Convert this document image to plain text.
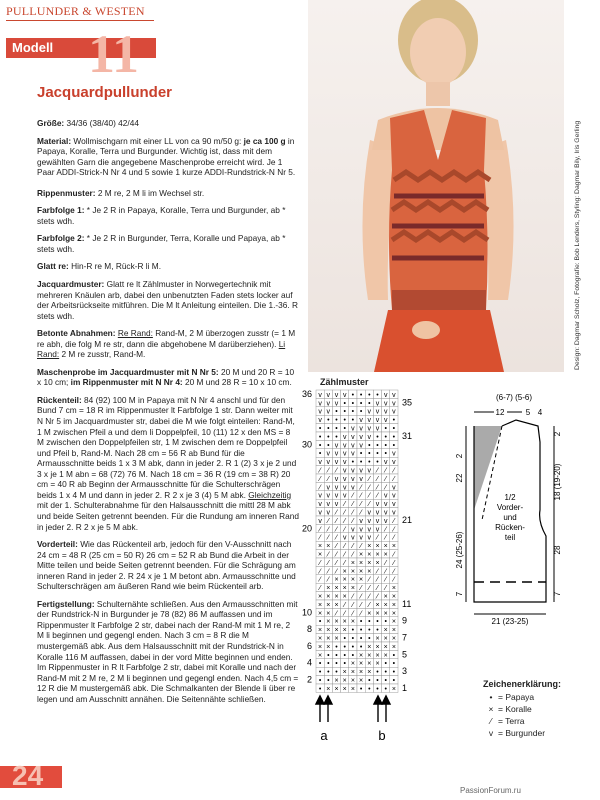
PULLUNDER & WESTEN
Modell 11
Jacquardpullunder

Größe: 34/36 (38/40) 42/44

Material: Wollmischgarn mit einer LL von ca 90 m/50 g: je ca 100 g in Papaya, Koralle, Terra und Burgunder. Wichtig ist, dass mit dem gewählten Garn die angegebene Maschenprobe erreicht wird. Je 1 Paar ADDI-Strick-N Nr 4 und 5 sowie 1 kurze ADDI-Rundstrick-N Nr 5.

Rippenmuster: 2 M re, 2 M li im Wechsel str.

Farbfolge 1: * Je 2 R in Papaya, Koralle, Terra und Burgunder, ab * stets wdh.

Farbfolge 2: * Je 2 R in Burgunder, Terra, Koralle und Papaya, ab * stets wdh.

Glatt re: Hin-R re M, Rück-R li M.

Jacquardmuster: Glatt re lt Zählmuster in Norwegertechnik mit mehreren Knäulen arb, dabei den unbenutzten Faden stets locker auf der Arbeitsrückseite mitführen. Die M lt Anleitung einteilen. Die 1.-36. R stets wdh.

Betonte Abnahmen: Re Rand: Rand-M, 2 M überzogen zusstr (= 1 M re abh, die folg M re str, dann die abgehobene M darüberziehen). Li Rand: 2 M re zusstr, Rand-M.

Maschenprobe im Jacquardmuster mit N Nr 5: 20 M und 20 R = 10 x 10 cm; im Rippenmuster mit N Nr 4: 20 M und 28 R = 10 x 10 cm.

Rückenteil: 84 (92) 100 M in Papaya mit N Nr 4 anschl und für den Bund 7 cm = 18 R im Rippenmuster lt Farbfolge 1 str. Dann weiter mit N Nr 5 im Jacquardmuster str, dabei die M wie folgt einteilen: Rand-M, 1 M zwischen Pfeil a und dem li Doppelpfeil, 10 (11) 12 x den MS = 8 M zwischen den Doppelpfeilen str, 1 M zwischen dem re Doppelpfeil und Pfeil b, Rand-M. Nach 28 cm = 56 R ab Bund für die Armausschnitte beids 1 x 3 M abk, dann in jeder 2. R 1 (2) 3 x je 2 und 3 x je 1 M abn = 68 (72) 76 M. Nach 18 cm = 36 R (19 cm = 38 R) 20 cm = 40 R ab Beginn der Armausschnitte für die Schulterschrägen beids 1 x 4 M und dann in jeder 2. R 2 x je 3 (4) 5 M abk. Gleichzeitig mit der 1. Schulterabnahme für den Halsausschnitt die mittl 28 M abk und beide Seiten getrennt beenden. Für die Rundung am inneren Rand in jeder 2. R 2 x je 5 M abk.

Vorderteil: Wie das Rückenteil arb, jedoch für den V-Ausschnitt nach 24 cm = 48 R (25 cm = 50 R) 26 cm = 52 R ab Bund die Arbeit in der Mitte teilen und beide Seiten getrennt beenden. Für die Schrägung am inneren Rand in jeder 2. R 24 x je 1 M betont abn. Armausschnitte und Schulterschrägen am äußeren Rand wie beim Rückenteil arb.

Fertigstellung: Schulternähte schließen. Aus den Armausschnitten mit der Rundstrick-N in Burgunder je 78 (82) 86 M auffassen und im Rippenmuster lt Farbfolge 2 str, dabei nach der Rand-M mit 1 M re, 2 M li beginnen und gegengl enden. Nach 3 cm = 8 R die M mustergemäß abk. Aus dem Halsausschnitt mit der Rundstrick-N in Koralle 116 M auffassen, dabei in der vord Mitte beginnen und enden. Im Rippenmuster in R lt Farbfolge 2 str, dabei mit Koralle und nach der Rand-M mit 2 M re, 2 M li beginnen und gegengl enden. Nach 4,5 cm = 12 R die M mustergemäß abk. Die Schmalkanten der Blende li über re legen und am Ausschnitt annähen. Die Seitennähte schließen.

Design: Dagmar Scholz, Fotografie: Bob Lenders, Styling: Dagmar Bily, Iris Gerling
Zählmuster
v v v v • • • • v v
v v v • • • • v v v
v v • • • • v v v v
v • • • • v v v v •
• • • • v v v v • •
• • • v v v v • • •
• • v v v v • • • •
• v v v v • • • • v
v v v v • • • • v v
⁄ ⁄ ⁄ v v v v ⁄ ⁄ ⁄
⁄ ⁄ v v v v ⁄ ⁄ ⁄ ⁄
⁄ v v v v ⁄ ⁄ ⁄ ⁄ v
v v v v ⁄ ⁄ ⁄ ⁄ v v
v v v ⁄ ⁄ ⁄ ⁄ v v v
v v ⁄ ⁄ ⁄ ⁄ v v v v
v ⁄ ⁄ ⁄ ⁄ v v v v ⁄
⁄ ⁄ ⁄ ⁄ v v v v ⁄ ⁄
⁄ ⁄ ⁄ v v v v ⁄ ⁄ ⁄
× × ⁄ ⁄ ⁄ ⁄ × × × ×
× ⁄ ⁄ ⁄ ⁄ × × × × ⁄
⁄ ⁄ ⁄ ⁄ × × × × ⁄ ⁄
⁄ ⁄ ⁄ × × × × ⁄ ⁄ ⁄
⁄ ⁄ × × × × ⁄ ⁄ ⁄ ⁄
⁄ × × × × ⁄ ⁄ ⁄ ⁄ ×
× × × × ⁄ ⁄ ⁄ ⁄ × ×
× × × ⁄ ⁄ ⁄ ⁄ × × ×
× × ⁄ ⁄ ⁄ ⁄ × × × ×
• × × × × • • • • ×
× × × × • • • • × ×
× × × • • • • × × ×
× × • • • • × × × ×
× • • • • × × × × •
• • • • × × × × • •
• • • × × × × • • •
• • × × × × • • • •
• × × × × • • • • ×
36
30
20
10
8
6
4
2
35
31
21
11
9
7
5
3
1
a	b
(6-7) (5-6)
12	5 4
1/2
Vorder-
und
Rücken-
teil
2
22
24 (25-26)
7
2
18 (19-20)
28
7
21 (23-25)
Zeichenerklärung:
• = Papaya
× = Koralle
⁄ = Terra
v = Burgunder
24	PassionForum.ru
